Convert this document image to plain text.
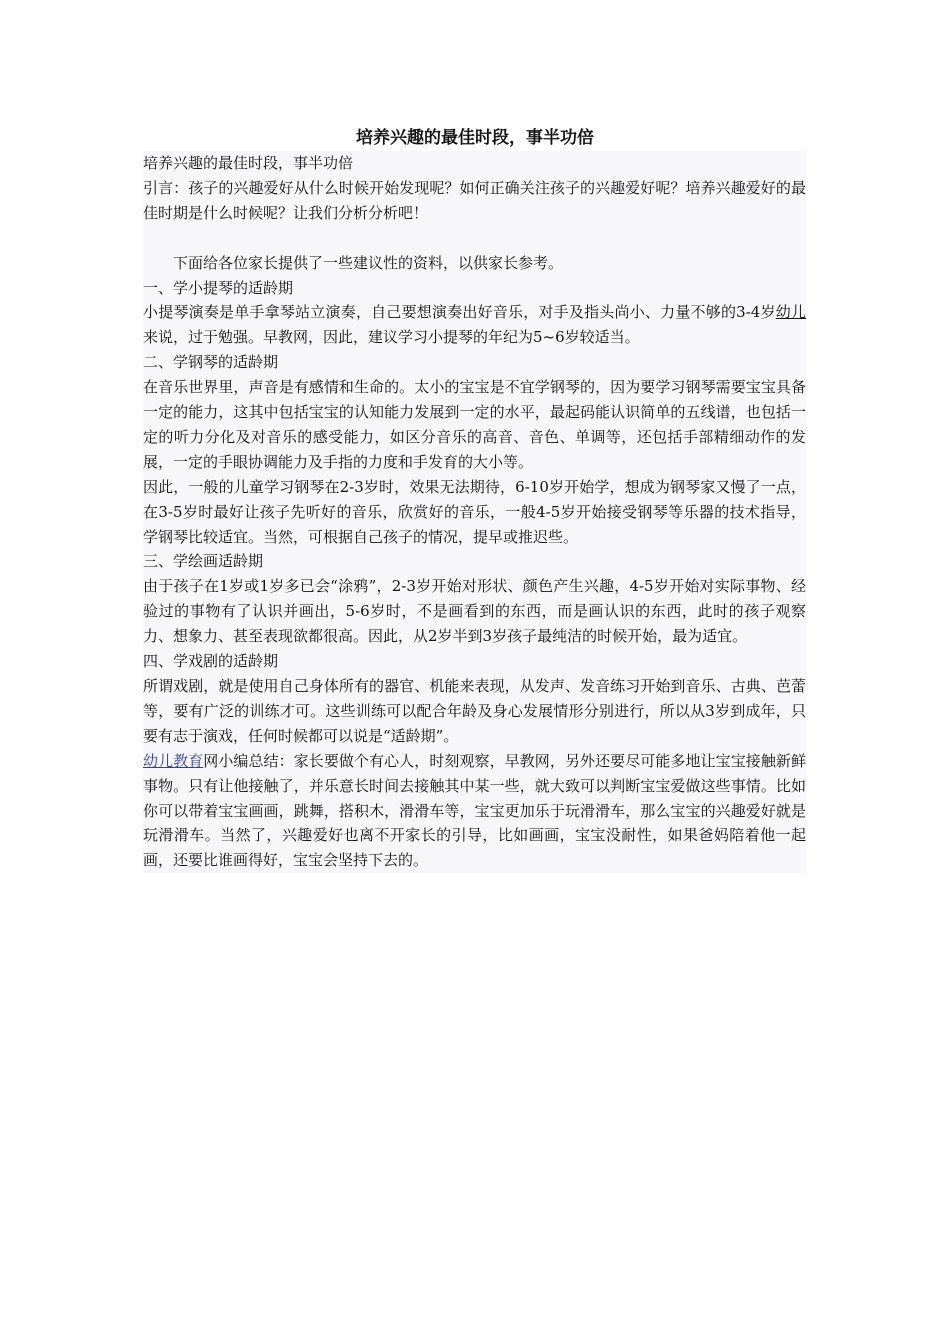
培养兴趣的最佳时段，事半功倍

培养兴趣的最佳时段，事半功倍

引言：孩子的兴趣爱好从什么时候开始发现呢？如何正确关注孩子的兴趣爱好呢？培养兴趣爱好的最佳时期是什么时候呢？让我们分析分析吧！

下面给各位家长提供了一些建议性的资料，以供家长参考。

一、学小提琴的适龄期

小提琴演奏是单手拿琴站立演奏，自己要想演奏出好音乐，对手及指头尚小、力量不够的3-4岁幼儿来说，过于勉强。早教网，因此，建议学习小提琴的年纪为5~6岁较适当。

二、学钢琴的适龄期

在音乐世界里，声音是有感情和生命的。太小的宝宝是不宜学钢琴的，因为要学习钢琴需要宝宝具备一定的能力，这其中包括宝宝的认知能力发展到一定的水平，最起码能认识简单的五线谱，也包括一定的听力分化及对音乐的感受能力，如区分音乐的高音、音色、单调等，还包括手部精细动作的发展，一定的手眼协调能力及手指的力度和手发育的大小等。

因此，一般的儿童学习钢琴在2-3岁时，效果无法期待，6-10岁开始学，想成为钢琴家又慢了一点，在3-5岁时最好让孩子先听好的音乐，欣赏好的音乐，一般4-5岁开始接受钢琴等乐器的技术指导，学钢琴比较适宜。当然，可根据自己孩子的情况，提早或推迟些。

三、学绘画适龄期

由于孩子在1岁或1岁多已会“涂鸦”，2-3岁开始对形状、颜色产生兴趣，4-5岁开始对实际事物、经验过的事物有了认识并画出，5-6岁时，不是画看到的东西，而是画认识的东西，此时的孩子观察力、想象力、甚至表现欲都很高。因此，从2岁半到3岁孩子最纯洁的时候开始，最为适宜。

四、学戏剧的适龄期

所谓戏剧，就是使用自己身体所有的器官、机能来表现，从发声、发音练习开始到音乐、古典、芭蕾等，要有广泛的训练才可。这些训练可以配合年龄及身心发展情形分别进行，所以从3岁到成年，只要有志于演戏，任何时候都可以说是“适龄期”。

幼儿教育网小编总结：家长要做个有心人，时刻观察，早教网，另外还要尽可能多地让宝宝接触新鲜事物。只有让他接触了，并乐意长时间去接触其中某一些，就大致可以判断宝宝爱做这些事情。比如你可以带着宝宝画画，跳舞，搭积木，滑滑车等，宝宝更加乐于玩滑滑车，那么宝宝的兴趣爱好就是玩滑滑车。当然了，兴趣爱好也离不开家长的引导，比如画画，宝宝没耐性，如果爸妈陪着他一起画，还要比谁画得好，宝宝会坚持下去的。
